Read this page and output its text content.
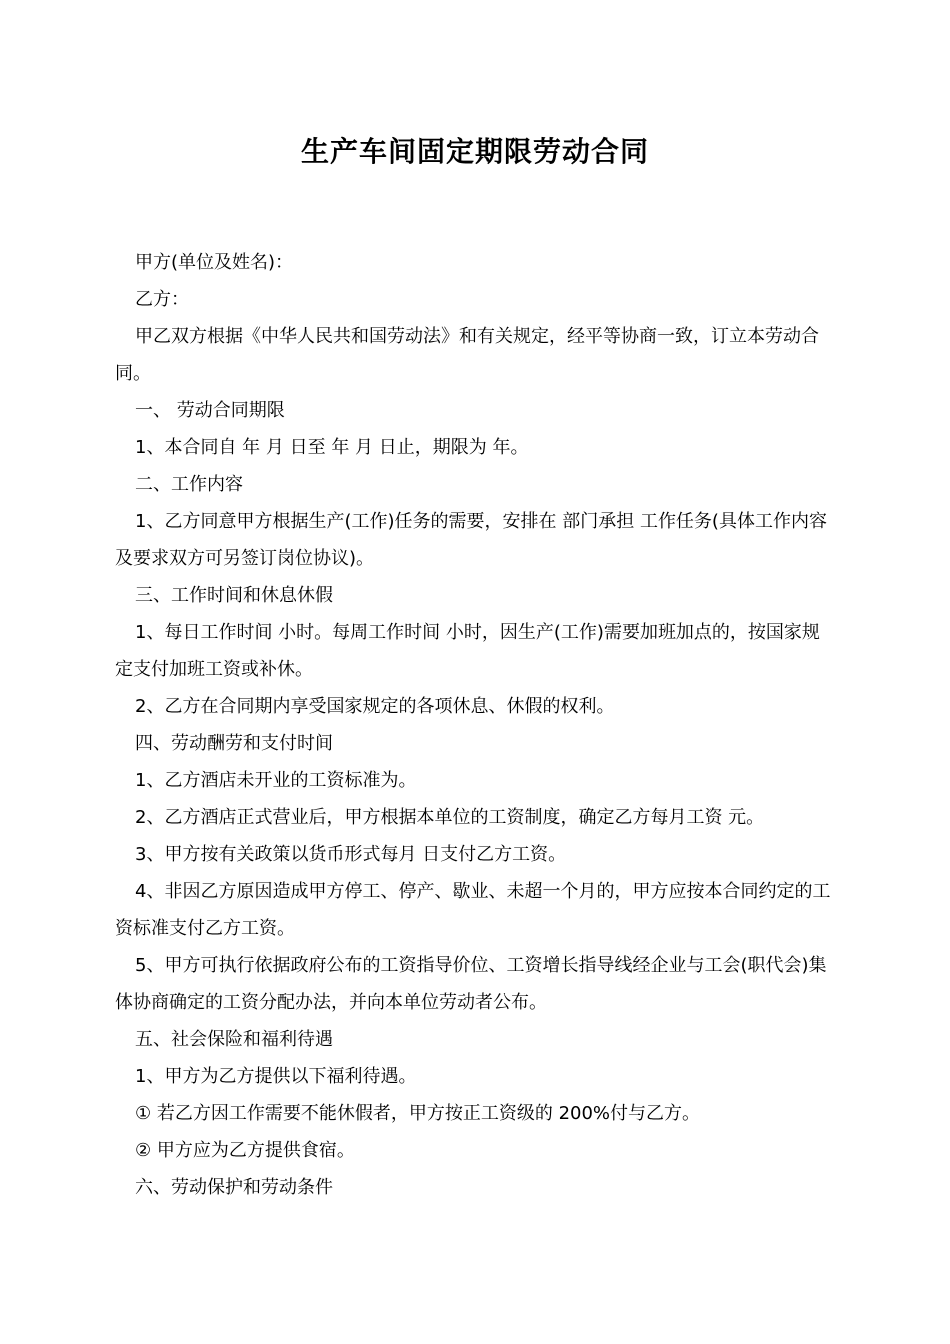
生产车间固定期限劳动合同

甲方(单位及姓名)：

乙方：

甲乙双方根据《中华人民共和国劳动法》和有关规定，经平等协商一致，订立本劳动合同。

一、 劳动合同期限

1、本合同自 年 月 日至 年 月 日止，期限为 年。

二、工作内容

1、乙方同意甲方根据生产(工作)任务的需要，安排在 部门承担 工作任务(具体工作内容及要求双方可另签订岗位协议)。

三、工作时间和休息休假

1、每日工作时间 小时。每周工作时间 小时，因生产(工作)需要加班加点的，按国家规定支付加班工资或补休。

2、乙方在合同期内享受国家规定的各项休息、休假的权利。

四、劳动酬劳和支付时间

1、乙方酒店未开业的工资标准为。

2、乙方酒店正式营业后，甲方根据本单位的工资制度，确定乙方每月工资 元。

3、甲方按有关政策以货币形式每月 日支付乙方工资。

4、非因乙方原因造成甲方停工、停产、歇业、未超一个月的，甲方应按本合同约定的工资标准支付乙方工资。

5、甲方可执行依据政府公布的工资指导价位、工资增长指导线经企业与工会(职代会)集体协商确定的工资分配办法，并向本单位劳动者公布。

五、社会保险和福利待遇

1、甲方为乙方提供以下福利待遇。

① 若乙方因工作需要不能休假者，甲方按正工资级的 200%付与乙方。

② 甲方应为乙方提供食宿。

六、劳动保护和劳动条件
